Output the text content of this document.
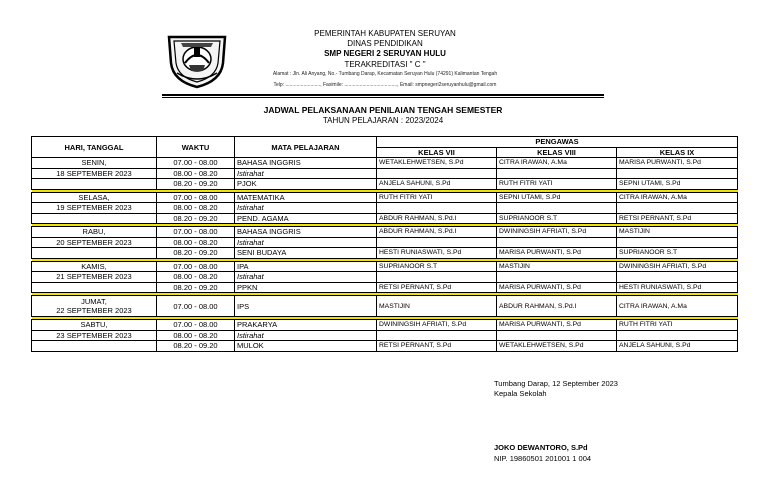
PEMERINTAH KABUPATEN SERUYAN
DINAS PENDIDIKAN
SMP NEGERI 2 SERUYAN HULU
TERAKREDITASI " C "
Alamat : Jln. Ali Anyang, No.- Tumbang Darap, Kecamatan Seruyan Hulu (74291) Kalimantan Tengah
Telp: ........................., Faximile: ......................................, Email: smpnegeri2seruyanhulu@gmail.com
JADWAL PELAKSANAAN PENILAIAN TENGAH SEMESTER
TAHUN PELAJARAN : 2023/2024
HARI, TANGGAL	WAKTU	MATA PELAJARAN	PENGAWAS		
			KELAS VII	KELAS VIII	KELAS IX
SENIN,	07.00 - 08.00	BAHASA INGGRIS	WETAKLEHWETSEN, S.Pd	CITRA IRAWAN, A.Ma	MARISA PURWANTI, S.Pd
18 SEPTEMBER 2023	08.00 - 08.20	Istirahat			
	08.20 - 09.20	PJOK	ANJELA SAHUNI, S.Pd	RUTH FITRI YATI	SEPNI UTAMI, S.Pd

SELASA,	07.00 - 08.00	MATEMATIKA	RUTH FITRI YATI	SEPNI UTAMI, S.Pd	CITRA IRAWAN, A.Ma
19 SEPTEMBER 2023	08.00 - 08.20	Istirahat			
	08.20 - 09.20	PEND. AGAMA	ABDUR RAHMAN, S.Pd.I	SUPRIANOOR S.T	RETSI PERNANT, S.Pd

RABU,	07.00 - 08.00	BAHASA INGGRIS	ABDUR RAHMAN, S.Pd.I	DWININGSIH AFRIATI, S.Pd	MASTIJIN
20 SEPTEMBER 2023	08.00 - 08.20	Istirahat			
	08.20 - 09.20	SENI BUDAYA	HESTI RUNIASWATI, S.Pd	MARISA PURWANTI, S.Pd	SUPRIANOOR S.T

KAMIS,	07.00 - 08.00	IPA	SUPRIANOOR S.T	MASTIJIN	DWININGSIH AFRIATI, S.Pd
21 SEPTEMBER 2023	08.00 - 08.20	Istirahat			
	08.20 - 09.20	PPKN	RETSI PERNANT, S.Pd	MARISA PURWANTI, S.Pd	HESTI RUNIASWATI, S.Pd

JUMAT,
22 SEPTEMBER 2023	07.00 - 08.00	IPS	MASTIJIN	ABDUR RAHMAN, S.Pd.I	CITRA IRAWAN, A.Ma

SABTU,	07.00 - 08.00	PRAKARYA	DWININGSIH AFRIATI, S.Pd	MARISA PURWANTI, S.Pd	RUTH FITRI YATI
23 SEPTEMBER 2023	08.00 - 08.20	Istirahat			
	08.20 - 09.20	MULOK	RETSI PERNANT, S.Pd	WETAKLEHWETSEN, S.Pd	ANJELA SAHUNI, S.Pd
Tumbang Darap, 12 September 2023
Kepala Sekolah
JOKO DEWANTORO, S.Pd
NIP. 19860501 201001 1 004
